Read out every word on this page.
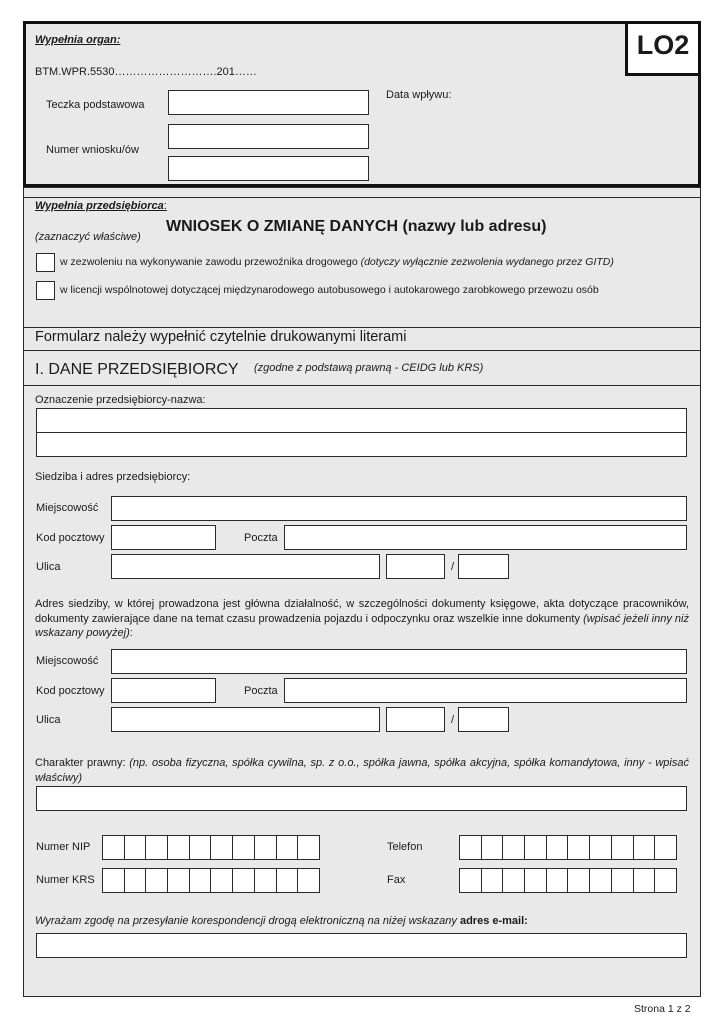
Wypełnia organ:
BTM.WPR.5530……………………….201……
LO2
Teczka podstawowa
Data wpływu:
Numer wniosku/ów
Wypełnia przedsiębiorca:
(zaznaczyć właściwe)
WNIOSEK O ZMIANĘ DANYCH (nazwy lub adresu)
w zezwoleniu na wykonywanie zawodu przewoźnika drogowego (dotyczy wyłącznie zezwolenia wydanego przez GITD)
w licencji wspólnotowej dotyczącej międzynarodowego autobusowego i autokarowego zarobkowego przewozu osób
Formularz należy wypełnić czytelnie drukowanymi literami
I. DANE PRZEDSIĘBIORCY (zgodne z podstawą prawną - CEIDG lub KRS)
Oznaczenie przedsiębiorcy-nazwa:
Siedziba i adres przedsiębiorcy:
Miejscowość
Kod pocztowy	Poczta
Ulica	/
Adres siedziby, w której prowadzona jest główna działalność, w szczególności dokumenty księgowe, akta dotyczące pracowników, dokumenty zawierające dane na temat czasu prowadzenia pojazdu i odpoczynku oraz wszelkie inne dokumenty (wpisać jeżeli inny niż wskazany powyżej):
Miejscowość
Kod pocztowy	Poczta
Ulica	/
Charakter prawny: (np. osoba fizyczna, spółka cywilna, sp. z o.o., spółka jawna, spółka akcyjna, spółka komandytowa, inny - wpisać właściwy)
Numer NIP	Telefon
Numer KRS	Fax
Wyrażam zgodę na przesyłanie korespondencji drogą elektroniczną na niżej wskazany adres e-mail:
Strona 1 z 2
